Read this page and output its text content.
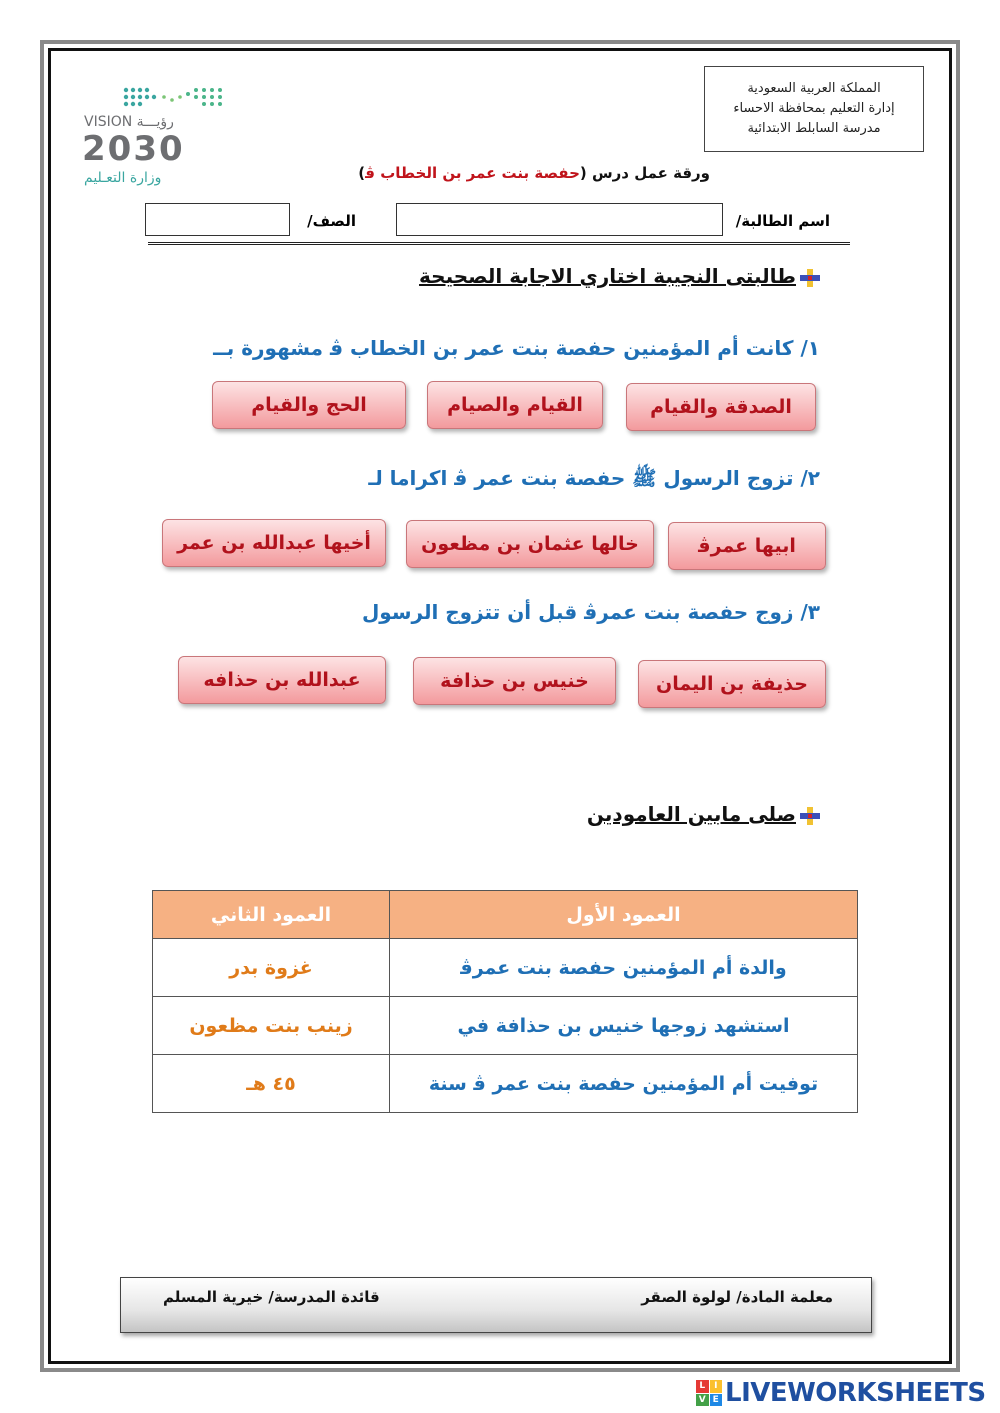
المملكة العربية السعودية
إدارة التعليم بمحافظة الاحساء
مدرسة السابلط الابتدائية
VISION رؤيـــة
2030
وزارة التعـليم	ورقة عمل درس (حفصة بنت عمر بن الخطاب ﭬ)
اسم الطالبة/
الصف/
طالبتى النجيبة اختاري الاجابة الصحيحة
١/ كانت أم المؤمنين حفصة بنت عمر بن الخطاب ﭬ مشهورة بــ
الصدقة والقيام
القيام والصيام
الحج والقيام
٢/ تزوج الرسول ﷺ حفصة بنت عمر ﭬ اكراما لـ
ابيها عمرﭬ
خالها عثمان بن مظعون
أخيها عبدالله بن عمر
٣/ زوج حفصة بنت عمرﭬ قبل أن تتزوج الرسول
حذيفة بن اليمان
خنيس بن حذافة
عبدالله بن حذافه
صلى مابين العامودين
العمود الأول	العمود الثاني
والدة أم المؤمنين حفصة بنت عمرﭬ	غزوة بدر
استشهد زوجها خنيس بن حذافة في	زينب بنت مظعون
توفيت أم المؤمنين حفصة بنت عمر ﭬ سنة	٤٥ هـ
معلمة المادة/ لولوة الصقر
قائدة المدرسة/ خيرية المسلم
L I
V E LIVEWORKSHEETS
